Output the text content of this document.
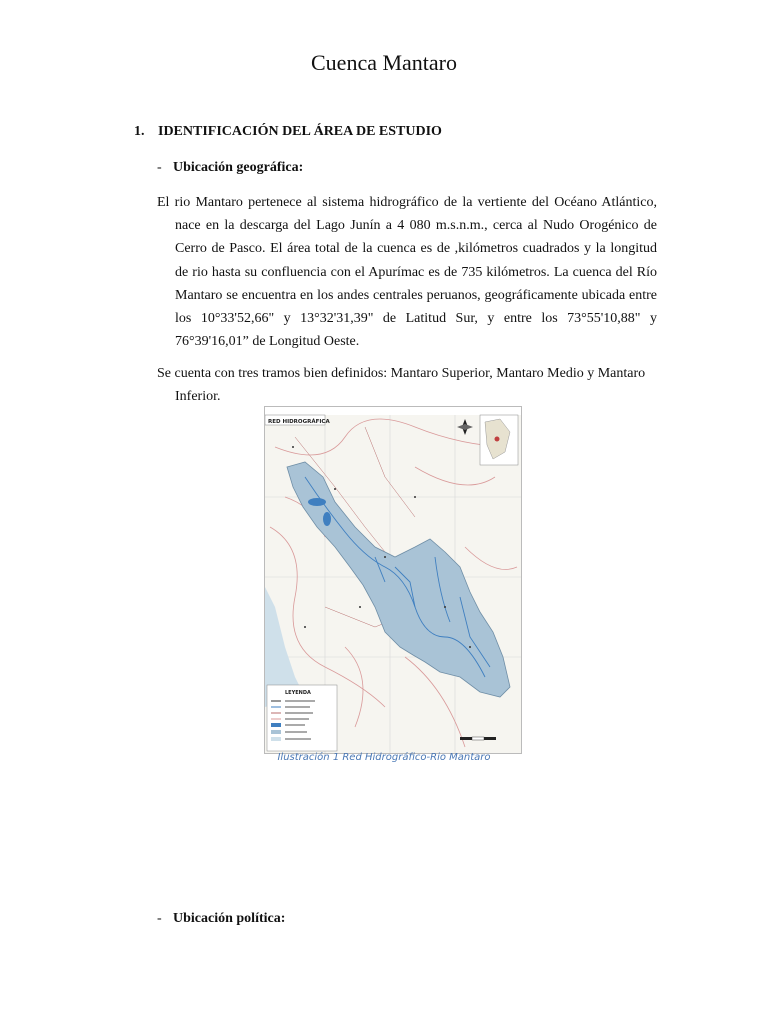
Cuenca Mantaro
1. IDENTIFICACIÓN DEL ÁREA DE ESTUDIO
- Ubicación geográfica:
El rio Mantaro pertenece al sistema hidrográfico de la vertiente del Océano Atlántico, nace en la descarga del Lago Junín a 4 080 m.s.n.m., cerca al Nudo Orogénico de Cerro de Pasco. El área total de la cuenca es de ,kilómetros cuadrados y la longitud de rio hasta su confluencia con el Apurímac es de 735 kilómetros. La cuenca del Río Mantaro se encuentra en los andes centrales peruanos, geográficamente ubicada entre los 10°33'52,66" y 13°32'31,39" de Latitud Sur, y entre los 73°55'10,88" y 76°39'16,01” de Longitud Oeste.
Se cuenta con tres tramos bien definidos: Mantaro Superior, Mantaro Medio y Mantaro Inferior.
RED HIDROGRÁFICA
LEYENDA
Ilustración 1 Red Hidrográfico-Rio Mantaro
- Ubicación política:
